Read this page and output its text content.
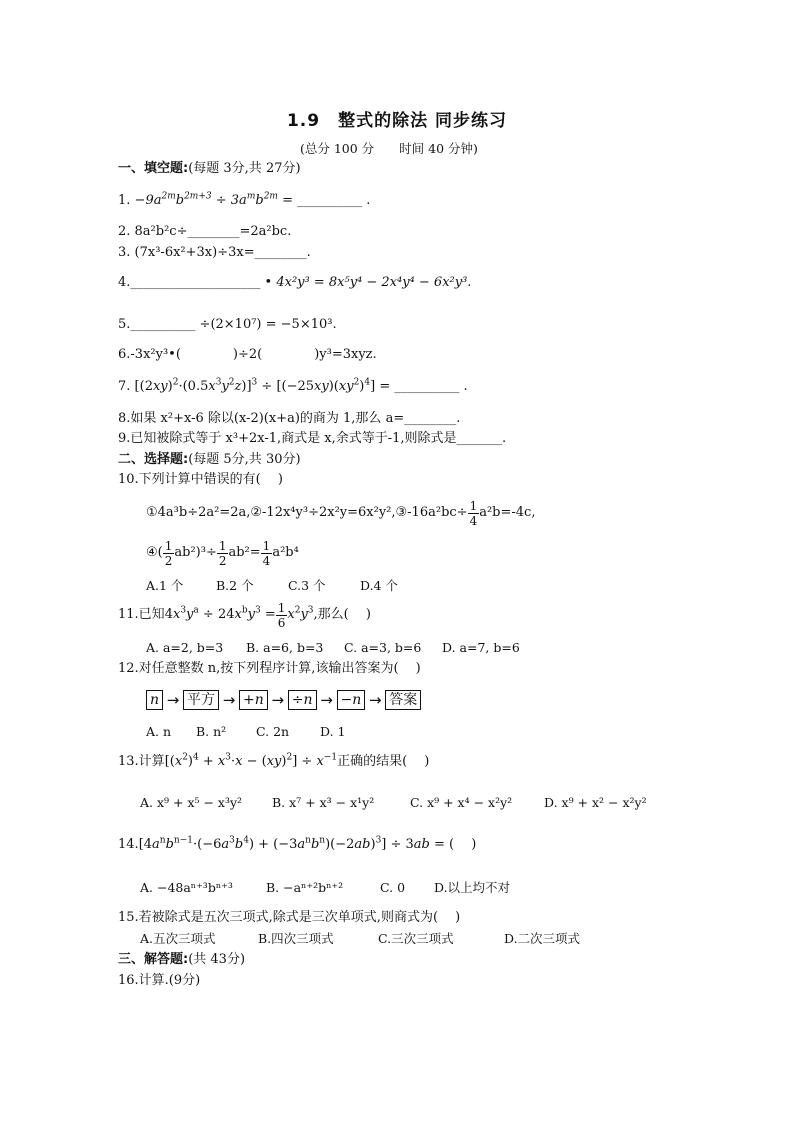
1.9　整式的除法 同步练习
(总分 100 分　　时间 40 分钟)
一、填空题:(每题 3分,共 27分)
1. $-9a^{2m}b^{2m+3} \div 3a^mb^{2m}$ = __________ .
2. 8a²b²c÷________=2a²bc.
3. (7x³-6x²+3x)÷3x=________.
4.____________________ • 4x²y³ = 8x⁵y⁴ − 2x⁴y⁴ − 6x²y³.
5.__________ ÷(2×10⁷) = −5×10³.
6.-3x²y³•(　　　　)÷2(　　　　)y³=3xyz.
7. $[(2xy)^2\cdot(0.5x^3y^2z)]^3 \div [(-25xy)(xy^2)^4]$ = __________ .
8.如果 x²+x-6 除以(x-2)(x+a)的商为 1,那么 a=________.
9.已知被除式等于 x³+2x-1,商式是 x,余式等于-1,则除式是_______.
二、选择题:(每题 5分,共 30分)
10.下列计算中错误的有(　 )
①4a³b÷2a²=2a,②-12x⁴y³÷2x²y=6x²y²,③-16a²bc÷ $\frac{1}{4} a^2b=-4c$,
④( $\frac{1}{2} ab^2)^3\div \frac{1}{2} ab^2= \frac{1}{4} a^2b^4$
A.1 个	B.2 个	C.3 个	D.4 个
11.已知 $4x^3y^a \div 24x^by^3 = \frac{1}{6} x^2y^3$ ,那么(　 )
A. a=2, b=3 B. a=6, b=3 C. a=3, b=6 D. a=7, b=6
12.对任意整数 n,按下列程序计算,该输出答案为(　 )
n → 平方 → +n → ÷n → −n → 答案
A. n B. n² C. 2n D. 1
13.计算$[(x^2)^4 + x^3\cdot x - (xy)^2] \div x^{-1}$正确的结果(　 )
A. x⁹ + x⁵ − x³y² B. x⁷ + x³ − x¹y²	C. x⁹ + x⁴ − x²y²	D. x⁹ + x² − x²y²
$14.[4a^nb^{n-1}\cdot(-6a^3b^4) + (-3a^nb^n)(-2ab)^3] \div 3ab$ = (　 )
A. −48aⁿ⁺³bⁿ⁺³	B. −aⁿ⁺²bⁿ⁺²	C. 0 D.以上均不对
15.若被除式是五次三项式,除式是三次单项式,则商式为(　 )
A.五次三项式	B.四次三项式	C.三次三项式	D.二次三项式
三、解答题:(共 43分)
16.计算.(9分)
